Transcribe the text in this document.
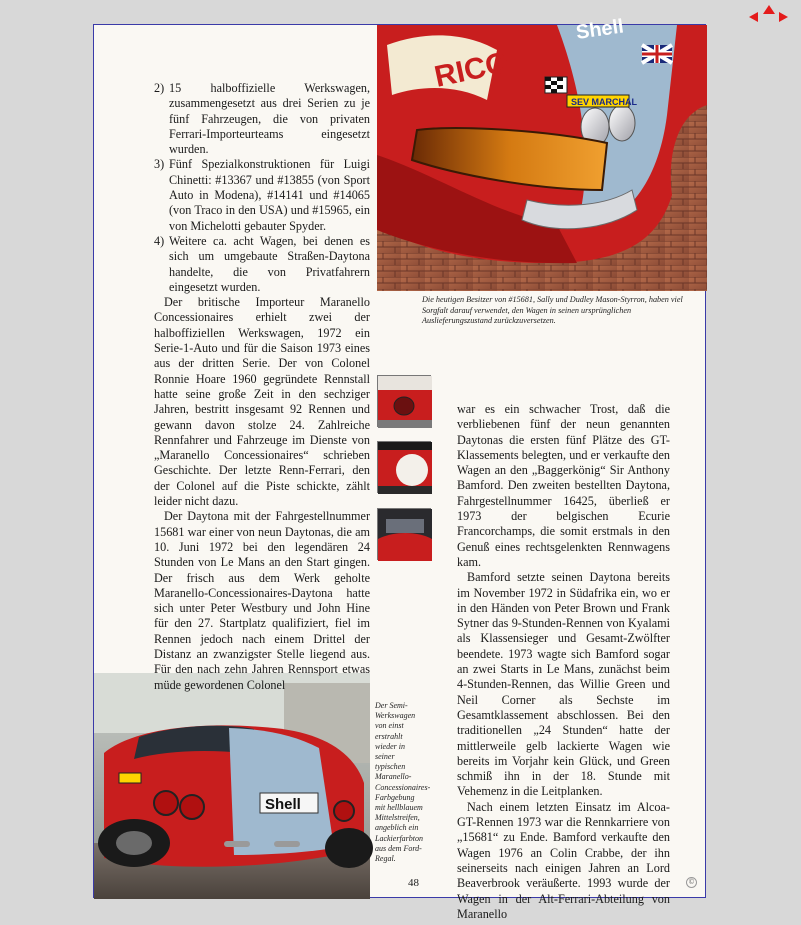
RICO
SEV MARCHAL
Shell
Die heutigen Besitzer von #15681, Sally und Dudley Mason-Styrron, haben viel Sorgfalt darauf verwendet, den Wagen in seinen ursprünglichen Auslieferungszustand zurückzuversetzen.
Shell
Der Semi-Werkswagen von einst erstrahlt wieder in seiner typischen Maranello-Concessionaires-Farbgebung mit hellblauem Mittelstreifen, angeblich ein Lackierfarbton aus dem Ford-Regal.
2) 15 halboffizielle Werkswagen, zusammengesetzt aus drei Serien zu je fünf Fahrzeugen, die von privaten Ferrari-Importeurteams eingesetzt wurden.
3) Fünf Spezialkonstruktionen für Luigi Chinetti: #13367 und #13855 (von Sport Auto in Modena), #14141 und #14065 (von Traco in den USA) und #15965, ein von Michelotti gebauter Spyder.
4) Weitere ca. acht Wagen, bei denen es sich um umgebaute Straßen-Daytona handelte, die von Privatfahrern eingesetzt wurden.

Der britische Importeur Maranello Concessionaires erhielt zwei der halboffiziellen Werkswagen, 1972 ein Serie-1-Auto und für die Saison 1973 eines aus der dritten Serie. Der von Colonel Ronnie Hoare 1960 gegründete Rennstall hatte seine große Zeit in den sechziger Jahren, bestritt insgesamt 92 Rennen und gewann davon stolze 24. Zahlreiche Rennfahrer und Fahrzeuge im Dienste von „Maranello Concessionaires“ schrieben Geschichte. Der letzte Renn-Ferrari, den der Colonel auf die Piste schickte, zählt leider nicht dazu.

Der Daytona mit der Fahrgestellnummer 15681 war einer von neun Daytonas, die am 10. Juni 1972 bei den legendären 24 Stunden von Le Mans an den Start gingen. Der frisch aus dem Werk geholte Maranello-Concessionaires-Daytona hatte sich unter Peter Westbury und John Hine für den 27. Startplatz qualifiziert, fiel im Rennen jedoch nach einem Drittel der Distanz an zwanzigster Stelle liegend aus. Für den nach zehn Jahren Rennsport etwas müde gewordenen Colonel

war es ein schwacher Trost, daß die verbliebenen fünf der neun genannten Daytonas die ersten fünf Plätze des GT-Klassements belegten, und er verkaufte den Wagen an den „Baggerkönig“ Sir Anthony Bamford. Den zweiten bestellten Daytona, Fahrgestellnummer 16425, überließ er 1973 der belgischen Ecurie Francorchamps, die somit erstmals in den Genuß eines rechtsgelenkten Rennwagens kam.

Bamford setzte seinen Daytona bereits im November 1972 in Südafrika ein, wo er in den Händen von Peter Brown und Frank Sytner das 9-Stunden-Rennen von Kyalami als Klassensieger und Gesamt-Zwölfter beendete. 1973 wagte sich Bamford sogar an zwei Starts in Le Mans, zunächst beim 4-Stunden-Rennen, das Willie Green und Neil Corner als Sechste im Gesamtklassement abschlossen. Bei den traditionellen „24 Stunden“ hatte der mittlerweile gelb lackierte Wagen wie bereits im Vorjahr kein Glück, und Green schmiß ihn in der 18. Stunde mit Vehemenz in die Leitplanken.

Nach einem letzten Einsatz im Alcoa-GT-Rennen 1973 war die Rennkarriere von „15681“ zu Ende. Bamford verkaufte den Wagen 1976 an Colin Crabbe, der ihn seinerseits nach einigen Jahren an Lord Beaverbrook veräußerte. 1993 wurde der Wagen in der Alt-Ferrari-Abteilung von Maranello

48	©
